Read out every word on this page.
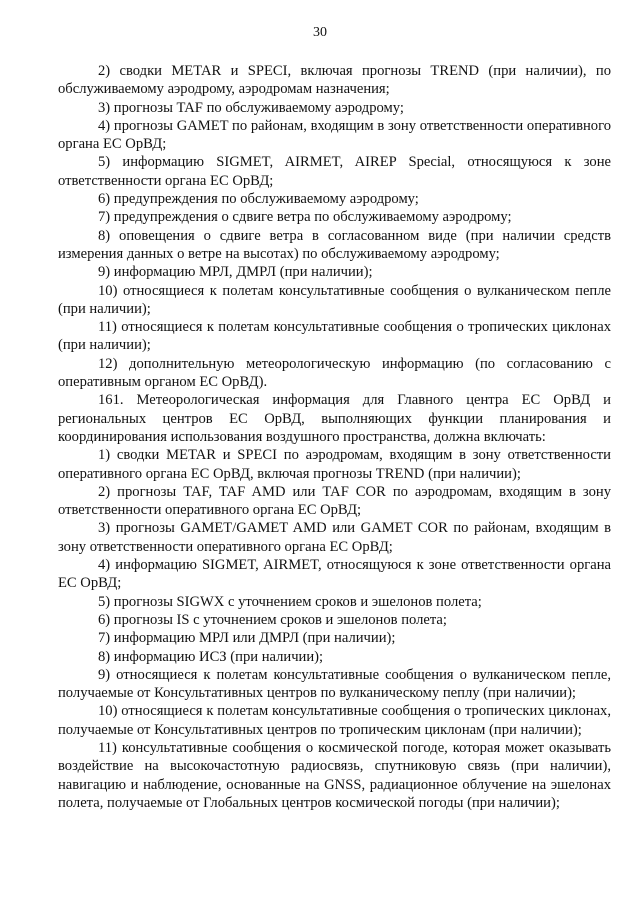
30

2) сводки METAR и SPECI, включая прогнозы TREND (при наличии), по обслуживаемому аэродрому, аэродромам назначения;

3) прогнозы TAF по обслуживаемому аэродрому;

4) прогнозы GAMET по районам, входящим в зону ответственности оперативного органа ЕС ОрВД;

5) информацию SIGMET, AIRMET, AIREP Special, относящуюся к зоне ответственности органа ЕС ОрВД;

6) предупреждения по обслуживаемому аэродрому;

7) предупреждения о сдвиге ветра по обслуживаемому аэродрому;

8) оповещения о сдвиге ветра в согласованном виде (при наличии средств измерения данных о ветре на высотах) по обслуживаемому аэродрому;

9) информацию МРЛ, ДМРЛ (при наличии);

10) относящиеся к полетам консультативные сообщения о вулканическом пепле (при наличии);

11) относящиеся к полетам консультативные сообщения о тропических циклонах (при наличии);

12) дополнительную метеорологическую информацию (по согласованию с оперативным органом ЕС ОрВД).

161. Метеорологическая информация для Главного центра ЕС ОрВД и региональных центров ЕС ОрВД, выполняющих функции планирования и координирования использования воздушного пространства, должна включать:

1) сводки METAR и SPECI по аэродромам, входящим в зону ответственности оперативного органа ЕС ОрВД, включая прогнозы TREND (при наличии);

2) прогнозы TAF, TAF AMD или TAF COR по аэродромам, входящим в зону ответственности оперативного органа ЕС ОрВД;

3) прогнозы GAMET/GAMET AMD или GAMET COR по районам, входящим в зону ответственности оперативного органа ЕС ОрВД;

4) информацию SIGMET, AIRMET, относящуюся к зоне ответственности органа ЕС ОрВД;

5) прогнозы SIGWX с уточнением сроков и эшелонов полета;

6) прогнозы IS с уточнением сроков и эшелонов полета;

7) информацию МРЛ или ДМРЛ (при наличии);

8) информацию ИСЗ (при наличии);

9) относящиеся к полетам консультативные сообщения о вулканическом пепле, получаемые от Консультативных центров по вулканическому пеплу (при наличии);

10) относящиеся к полетам консультативные сообщения о тропических циклонах, получаемые от Консультативных центров по тропическим циклонам (при наличии);

11) консультативные сообщения о космической погоде, которая может оказывать воздействие на высокочастотную радиосвязь, спутниковую связь (при наличии), навигацию и наблюдение, основанные на GNSS, радиационное облучение на эшелонах полета, получаемые от Глобальных центров космической погоды (при наличии);
